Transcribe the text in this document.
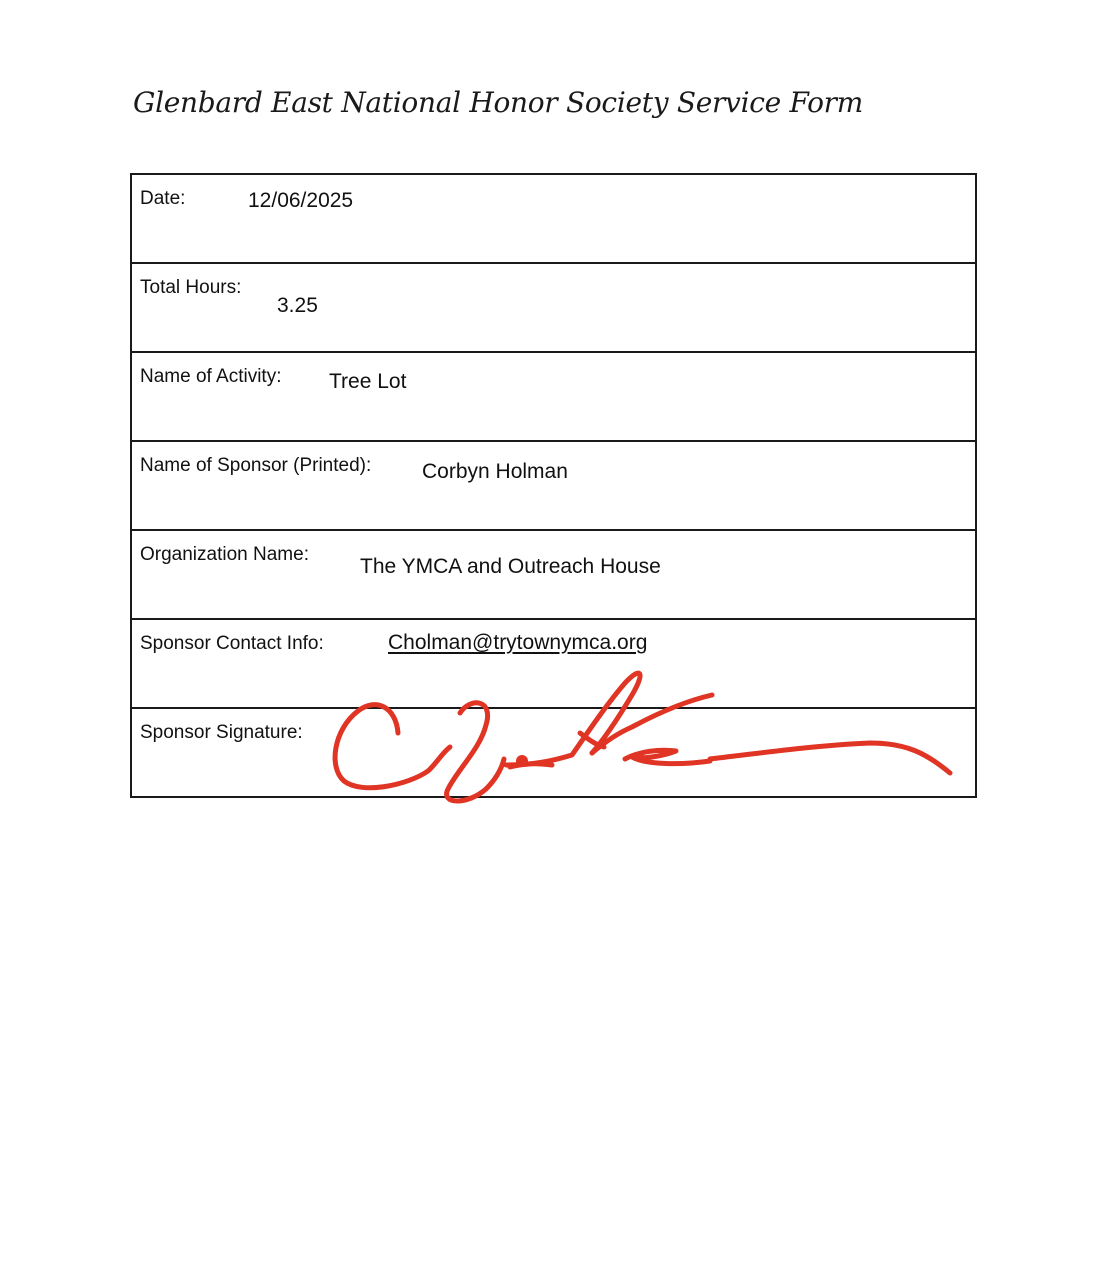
Glenbard East National Honor Society Service Form
Date:	12/06/2025
Total Hours:
3.25
Name of Activity: Tree Lot
Name of Sponsor (Printed): Corbyn Holman
Organization Name:
The YMCA and Outreach House
Sponsor Contact Info:	Cholman@trytownymca.org
Sponsor Signature:
